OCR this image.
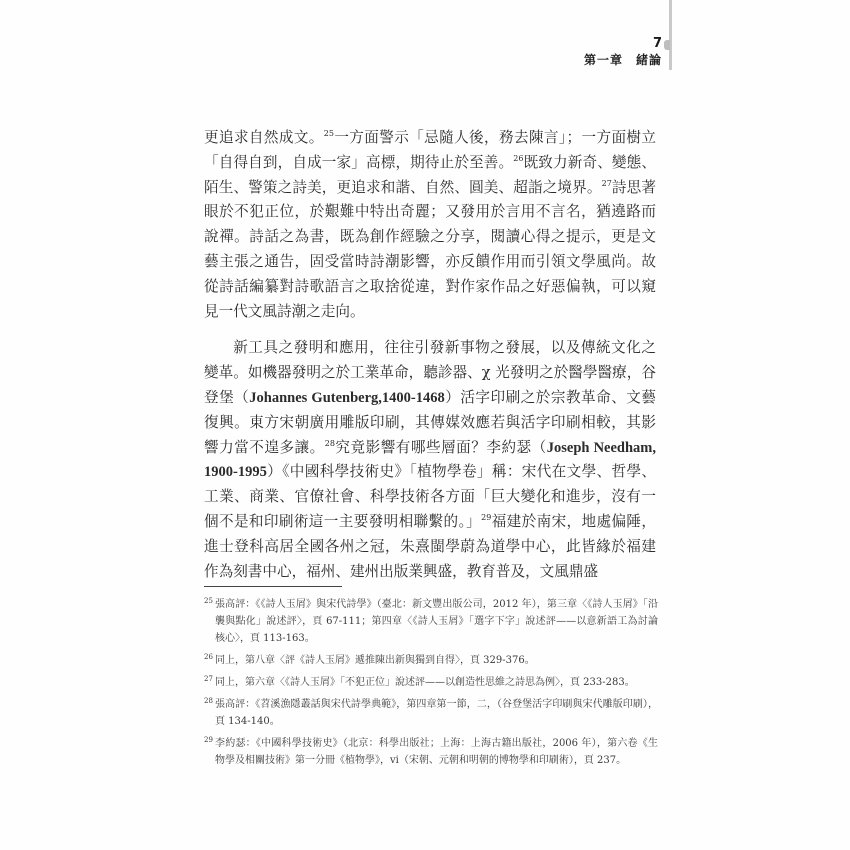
7
第一章　緒論

更追求自然成文。$^{25}$一方面警示「忌隨人後，務去陳言」；一方面樹立「自得自到，自成一家」高標，期待止於至善。$^{26}$既致力新奇、變態、陌生、警策之詩美，更追求和諧、自然、圓美、超詣之境界。$^{27}$詩思著眼於不犯正位，於艱難中特出奇麗；又發用於言用不言名，猶遶路而說禪。詩話之為書，既為創作經驗之分享，閱讀心得之提示，更是文藝主張之通告，固受當時詩潮影響，亦反饋作用而引領文學風尚。故從詩話編纂對詩歌語言之取捨從違，對作家作品之好惡偏執，可以窺見一代文風詩潮之走向。

新工具之發明和應用，往往引發新事物之發展，以及傳統文化之變革。如機器發明之於工業革命，聽診器、χ 光發明之於醫學醫療，谷登堡（Johannes Gutenberg,1400-1468）活字印刷之於宗教革命、文藝復興。東方宋朝廣用雕版印刷，其傳媒效應若與活字印刷相較，其影響力當不遑多讓。$^{28}$究竟影響有哪些層面？李約瑟（Joseph Needham, 1900-1995）《中國科學技術史》「植物學卷」稱：宋代在文學、哲學、工業、商業、官僚社會、科學技術各方面「巨大變化和進步，沒有一個不是和印刷術這一主要發明相聯繫的。」$^{29}$福建於南宋，地處偏陲，進士登科高居全國各州之冠，朱熹閩學蔚為道學中心，此皆緣於福建作為刻書中心，福州、建州出版業興盛，教育普及，文風鼎盛

25 張高評：《《詩人玉屑》與宋代詩學》（臺北：新文豐出版公司，2012 年），第三章〈《詩人玉屑》「沿襲與點化」說述評〉，頁 67-111；第四章〈《詩人玉屑》「選字下字」說述評——以意新語工為討論核心〉，頁 113-163。
26 同上，第八章〈評《詩人玉屑》遞推陳出新與獨到自得〉，頁 329-376。
27 同上，第六章〈《詩人玉屑》「不犯正位」說述評——以創造性思維之詩思為例〉，頁 233-283。
28 張高評：《苕溪漁隱叢話與宋代詩學典範》，第四章第一節，二，（谷登堡活字印刷與宋代雕版印刷），頁 134-140。
29 李約瑟：《中國科學技術史》（北京：科學出版社；上海：上海古籍出版社，2006 年），第六卷《生物學及相關技術》第一分冊《植物學》，vi（宋朝、元朝和明朝的博物學和印刷術），頁 237。
